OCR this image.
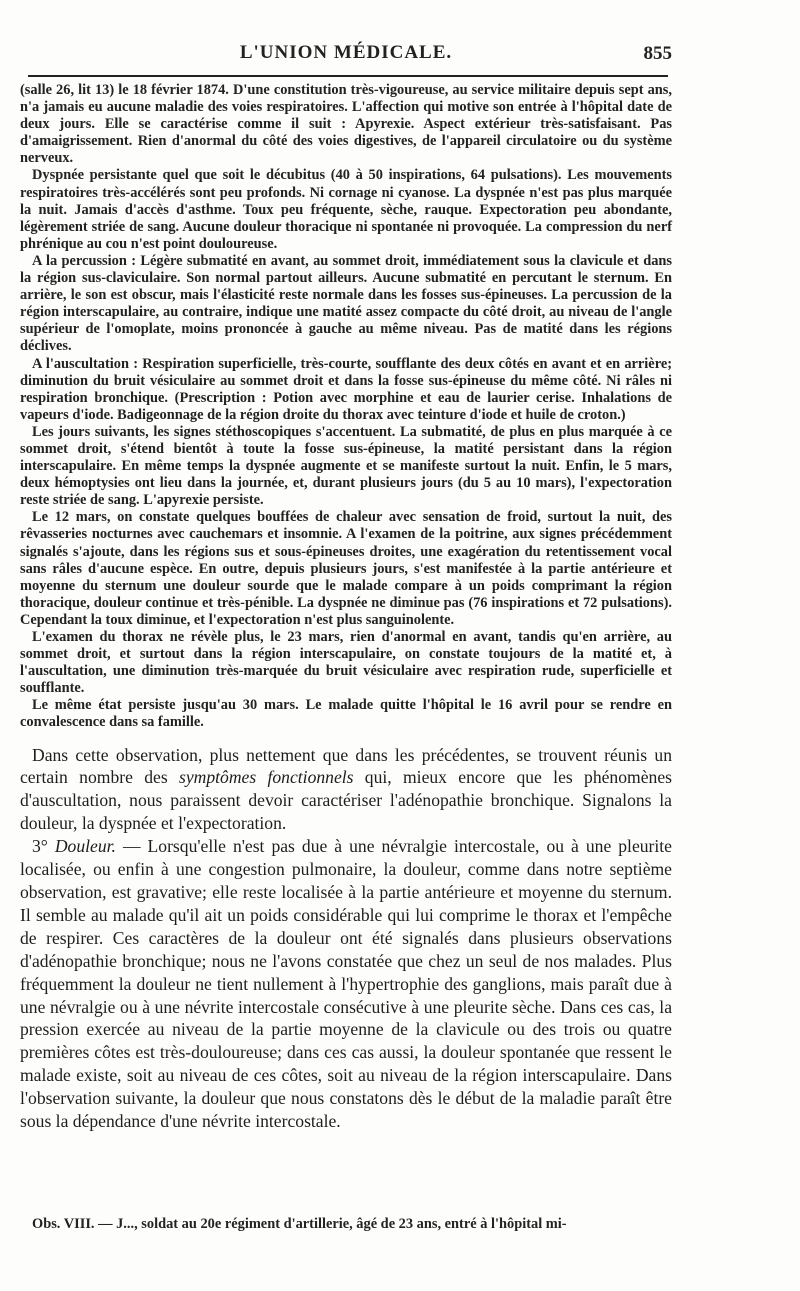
L'UNION MÉDICALE.	855

(salle 26, lit 13) le 18 février 1874. D'une constitution très-vigoureuse, au service militaire depuis sept ans, n'a jamais eu aucune maladie des voies respiratoires. L'affection qui motive son entrée à l'hôpital date de deux jours. Elle se caractérise comme il suit : Apyrexie. Aspect extérieur très-satisfaisant. Pas d'amaigrissement. Rien d'anormal du côté des voies digestives, de l'appareil circulatoire ou du système nerveux.

Dyspnée persistante quel que soit le décubitus (40 à 50 inspirations, 64 pulsations). Les mouvements respiratoires très-accélérés sont peu profonds. Ni cornage ni cyanose. La dyspnée n'est pas plus marquée la nuit. Jamais d'accès d'asthme. Toux peu fréquente, sèche, rauque. Expectoration peu abondante, légèrement striée de sang. Aucune douleur thoracique ni spontanée ni provoquée. La compression du nerf phrénique au cou n'est point douloureuse.

A la percussion : Légère submatité en avant, au sommet droit, immédiatement sous la clavicule et dans la région sus-claviculaire. Son normal partout ailleurs. Aucune submatité en percutant le sternum. En arrière, le son est obscur, mais l'élasticité reste normale dans les fosses sus-épineuses. La percussion de la région interscapulaire, au contraire, indique une matité assez compacte du côté droit, au niveau de l'angle supérieur de l'omoplate, moins prononcée à gauche au même niveau. Pas de matité dans les régions déclives.

A l'auscultation : Respiration superficielle, très-courte, soufflante des deux côtés en avant et en arrière; diminution du bruit vésiculaire au sommet droit et dans la fosse sus-épineuse du même côté. Ni râles ni respiration bronchique. (Prescription : Potion avec morphine et eau de laurier cerise. Inhalations de vapeurs d'iode. Badigeonnage de la région droite du thorax avec teinture d'iode et huile de croton.)

Les jours suivants, les signes stéthoscopiques s'accentuent. La submatité, de plus en plus marquée à ce sommet droit, s'étend bientôt à toute la fosse sus-épineuse, la matité persistant dans la région interscapulaire. En même temps la dyspnée augmente et se manifeste surtout la nuit. Enfin, le 5 mars, deux hémoptysies ont lieu dans la journée, et, durant plusieurs jours (du 5 au 10 mars), l'expectoration reste striée de sang. L'apyrexie persiste.

Le 12 mars, on constate quelques bouffées de chaleur avec sensation de froid, surtout la nuit, des rêvasseries nocturnes avec cauchemars et insomnie. A l'examen de la poitrine, aux signes précédemment signalés s'ajoute, dans les régions sus et sous-épineuses droites, une exagération du retentissement vocal sans râles d'aucune espèce. En outre, depuis plusieurs jours, s'est manifestée à la partie antérieure et moyenne du sternum une douleur sourde que le malade compare à un poids comprimant la région thoracique, douleur continue et très-pénible. La dyspnée ne diminue pas (76 inspirations et 72 pulsations). Cependant la toux diminue, et l'expectoration n'est plus sanguinolente.

L'examen du thorax ne révèle plus, le 23 mars, rien d'anormal en avant, tandis qu'en arrière, au sommet droit, et surtout dans la région interscapulaire, on constate toujours de la matité et, à l'auscultation, une diminution très-marquée du bruit vésiculaire avec respiration rude, superficielle et soufflante.

Le même état persiste jusqu'au 30 mars. Le malade quitte l'hôpital le 16 avril pour se rendre en convalescence dans sa famille.

Dans cette observation, plus nettement que dans les précédentes, se trouvent réunis un certain nombre des symptômes fonctionnels qui, mieux encore que les phénomènes d'auscultation, nous paraissent devoir caractériser l'adénopathie bronchique. Signalons la douleur, la dyspnée et l'expectoration.

3° Douleur. — Lorsqu'elle n'est pas due à une névralgie intercostale, ou à une pleurite localisée, ou enfin à une congestion pulmonaire, la douleur, comme dans notre septième observation, est gravative; elle reste localisée à la partie antérieure et moyenne du sternum. Il semble au malade qu'il ait un poids considérable qui lui comprime le thorax et l'empêche de respirer. Ces caractères de la douleur ont été signalés dans plusieurs observations d'adénopathie bronchique; nous ne l'avons constatée que chez un seul de nos malades. Plus fréquemment la douleur ne tient nullement à l'hypertrophie des ganglions, mais paraît due à une névralgie ou à une névrite intercostale consécutive à une pleurite sèche. Dans ces cas, la pression exercée au niveau de la partie moyenne de la clavicule ou des trois ou quatre premières côtes est très-douloureuse; dans ces cas aussi, la douleur spontanée que ressent le malade existe, soit au niveau de ces côtes, soit au niveau de la région interscapulaire. Dans l'observation suivante, la douleur que nous constatons dès le début de la maladie paraît être sous la dépendance d'une névrite intercostale.

Obs. VIII. — J..., soldat au 20e régiment d'artillerie, âgé de 23 ans, entré à l'hôpital mi-
